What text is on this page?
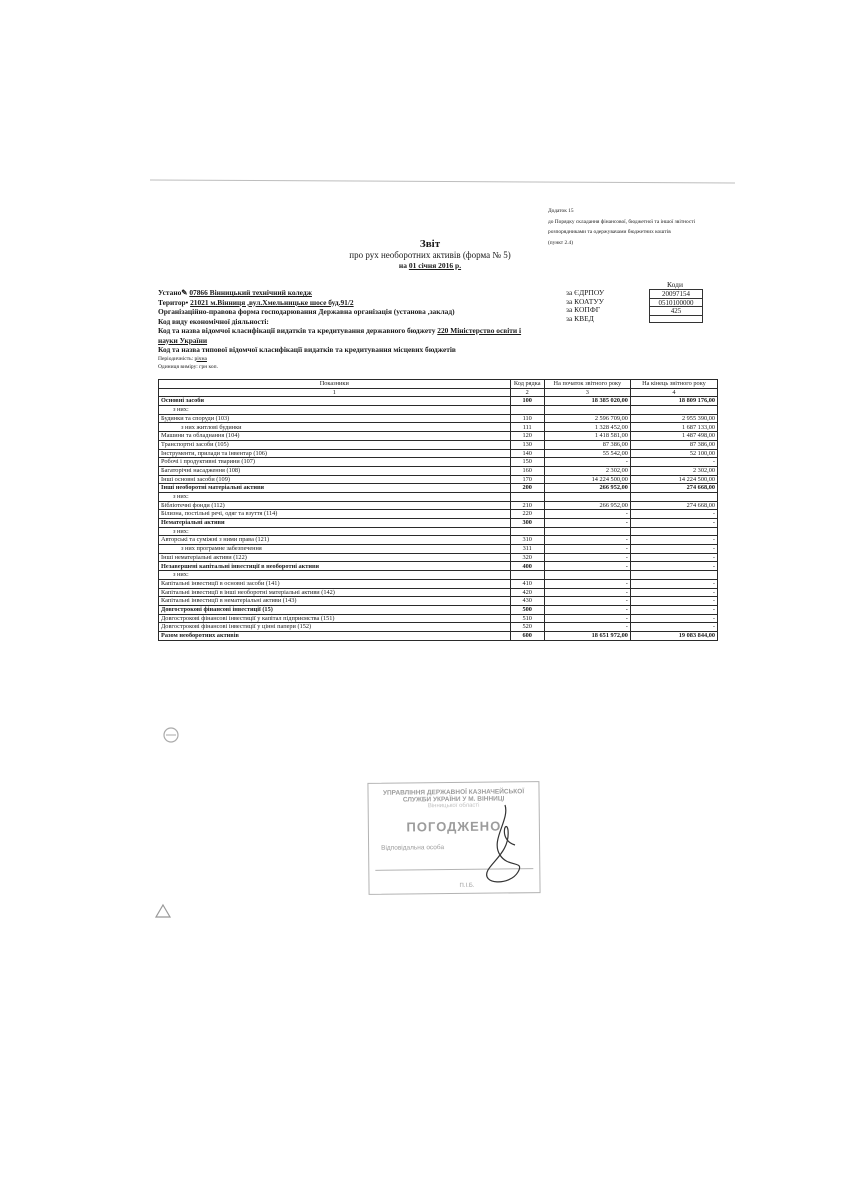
Додаток 15
до Порядку складання фінансової, бюджетної та іншої звітності
розпорядниками та одержувачами бюджетних коштів
(пункт 2.4)
Звіт
про рух необоротних активів (форма № 5)
на 01 січня 2016 р.
Коди
за ЄДРПОУ	20097154
за КОАТУУ	0510100000
за КОПФГ	425
за КВЕД
Устано✎ 07866 Вінницький технічний коледж
Територ• 21021 м.Вінниця ,вул.Хмельницьке шосе буд.91/2
Організаційно-правова форма господарювання Державна організація (установа ,заклад)
Код виду економічної діяльності:
Код та назва відомчої класифікації видатків та кредитування державного бюджету 220 Міністерство освіти і
науки України
Код та назва типової відомчої класифікації видатків та кредитування місцевих бюджетів
Періодичність: річна
Одиниця виміру: грн коп.
Показники	Код рядка	На початок звітного року	На кінець звітного року
1	2	3	4
Основні засоби	100	18 385 020,00	18 809 176,00
з них:			
Будинки та споруди (103)	110	2 596 709,00	2 955 390,00
з них житлові будинки	111	1 328 452,00	1 687 133,00
Машини та обладнання (104)	120	1 418 581,00	1 487 498,00
Транспортні засоби (105)	130	87 386,00	87 386,00
Інструменти, прилади та інвентар (106)	140	55 542,00	52 100,00
Робочі і продуктивні тварини (107)	150	-	-
Багаторічні насадження (108)	160	2 302,00	2 302,00
Інші основні засоби (109)	170	14 224 500,00	14 224 500,00
Інші необоротні матеріальні активи	200	266 952,00	274 668,00
з них:			
Бібліотечні фонди (112)	210	266 952,00	274 668,00
Білизна, постільні речі, одяг та взуття (114)	220	-	-
Нематеріальні активи	300	-	-
з них:			
Авторські та суміжні з ними права (121)	310	-	-
з них програмне забезпечення	311	-	-
Інші нематеріальні активи (122)	320	-	-
Незавершені капітальні інвестиції в необоротні активи	400	-	-
з них:			
Капітальні інвестиції в основні засоби (141)	410	-	-
Капітальні інвестиції в інші необоротні матеріальні активи (142)	420	-	-
Капітальні інвестиції в нематеріальні активи (143)	430	-	-
Довгострокові фінансові інвестиції (15)	500	-	-
Довгострокові фінансові інвестиції у капітал підприємства (151)	510	-	-
Довгострокові фінансові інвестиції у цінні папери (152)	520	-	-
Разом необоротних активів	600	18 651 972,00	19 083 844,00
УПРАВЛІННЯ ДЕРЖАВНОЇ КАЗНАЧЕЙСЬКОЇ
СЛУЖБИ УКРАЇНИ У М. ВІННИЦІ
Вінницької області
ПОГОДЖЕНО
Відповідальна особа
П.І.Б.
